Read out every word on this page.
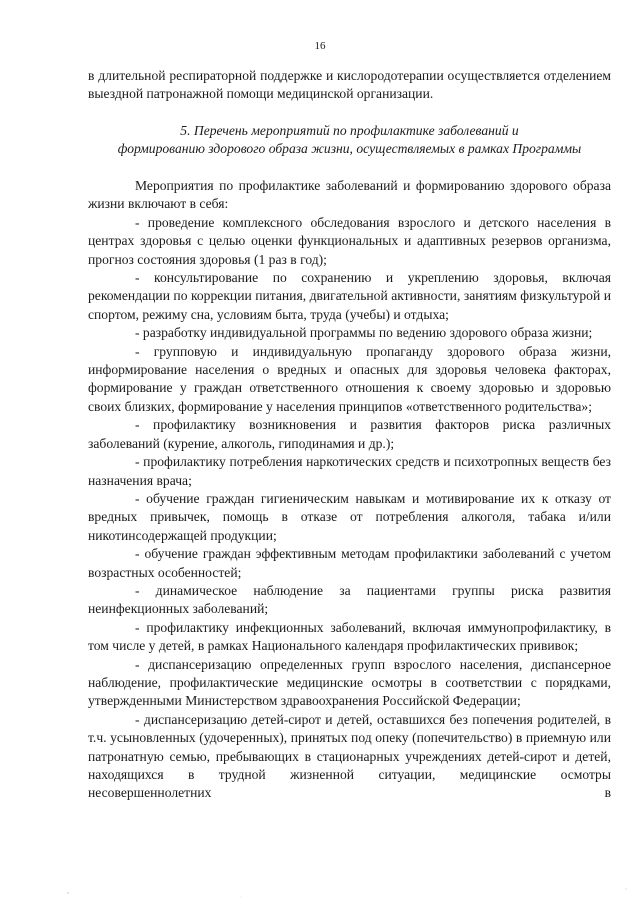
16

в длительной респираторной поддержке и кислородотерапии осуществляется отделением выездной патронажной помощи медицинской организации.

5. Перечень мероприятий по профилактике заболеваний и
формированию здорового образа жизни, осуществляемых в рамках Программы

Мероприятия по профилактике заболеваний и формированию здорового образа жизни включают в себя:

- проведение комплексного обследования взрослого и детского населения в центрах здоровья с целью оценки функциональных и адаптивных резервов организма, прогноз состояния здоровья (1 раз в год);

- консультирование по сохранению и укреплению здоровья, включая рекомендации по коррекции питания, двигательной активности, занятиям физкультурой и спортом, режиму сна, условиям быта, труда (учебы) и отдыха;

- разработку индивидуальной программы по ведению здорового образа жизни;

- групповую и индивидуальную пропаганду здорового образа жизни, информирование населения о вредных и опасных для здоровья человека факторах, формирование у граждан ответственного отношения к своему здоровью и здоровью своих близких, формирование у населения принципов «ответственного родительства»;

- профилактику возникновения и развития факторов риска различных заболеваний (курение, алкоголь, гиподинамия и др.);

- профилактику потребления наркотических средств и психотропных веществ без назначения врача;

- обучение граждан гигиеническим навыкам и мотивирование их к отказу от вредных привычек, помощь в отказе от потребления алкоголя, табака и/или никотинсодержащей продукции;

- обучение граждан эффективным методам профилактики заболеваний с учетом возрастных особенностей;

- динамическое наблюдение за пациентами группы риска развития неинфекционных заболеваний;

- профилактику инфекционных заболеваний, включая иммунопрофилактику, в том числе у детей, в рамках Национального календаря профилактических прививок;

- диспансеризацию определенных групп взрослого населения, диспансерное наблюдение, профилактические медицинские осмотры в соответствии с порядками, утвержденными Министерством здравоохранения Российской Федерации;

- диспансеризацию детей-сирот и детей, оставшихся без попечения родителей, в т.ч. усыновленных (удочеренных), принятых под опеку (попечительство) в приемную или патронатную семью, пребывающих в стационарных учреждениях детей-сирот и детей, находящихся в трудной жизненной ситуации, медицинские осмотры несовершеннолетних в
